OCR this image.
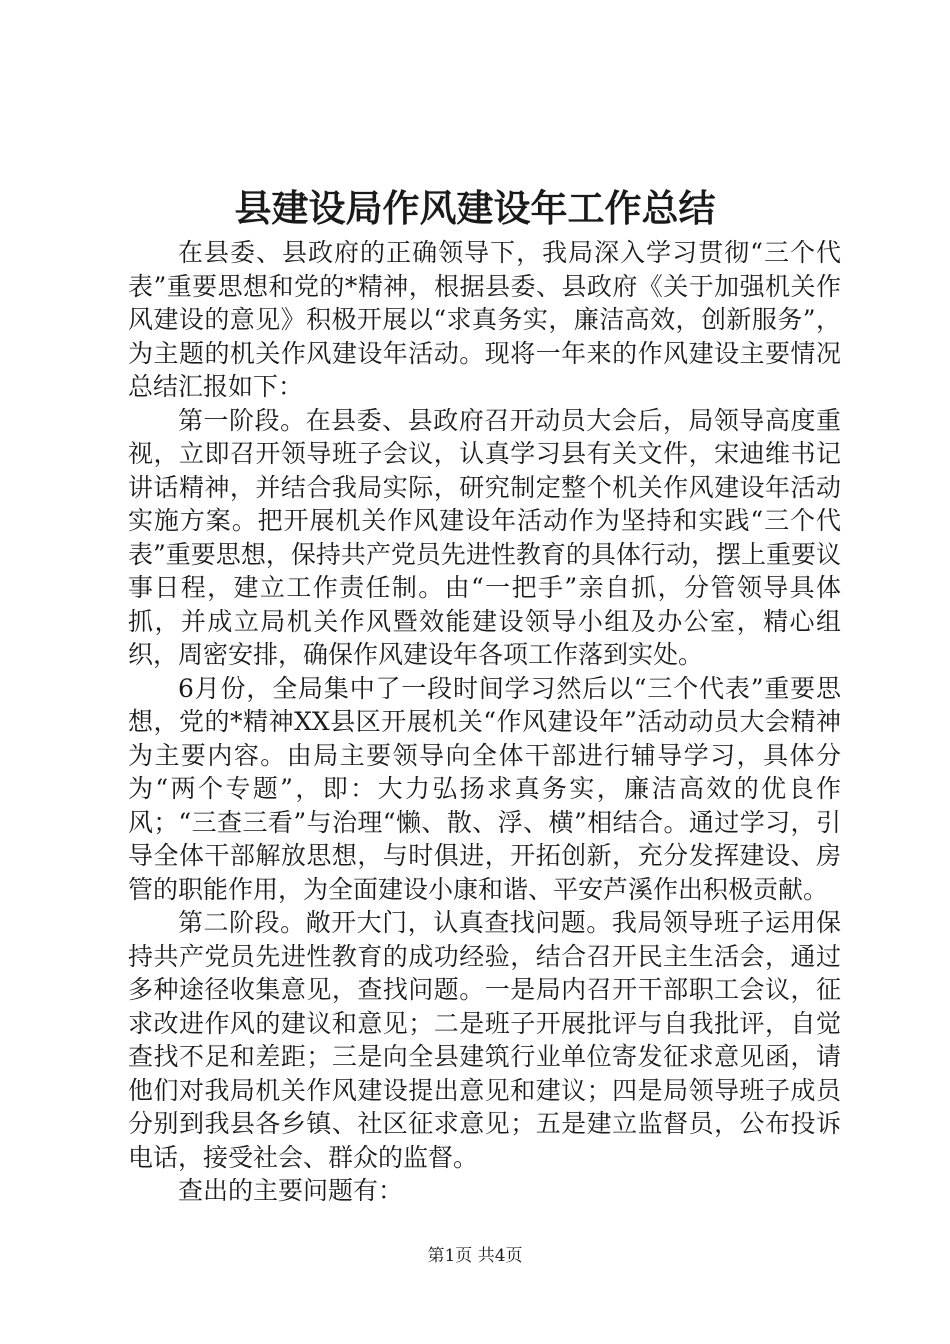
县建设局作风建设年工作总结

在县委、县政府的正确领导下，我局深入学习贯彻“三个代表”重要思想和党的*精神，根据县委、县政府《关于加强机关作风建设的意见》积极开展以“求真务实，廉洁高效，创新服务”，为主题的机关作风建设年活动。现将一年来的作风建设主要情况总结汇报如下：

第一阶段。在县委、县政府召开动员大会后，局领导高度重视，立即召开领导班子会议，认真学习县有关文件，宋迪维书记讲话精神，并结合我局实际，研究制定整个机关作风建设年活动实施方案。把开展机关作风建设年活动作为坚持和实践“三个代表”重要思想，保持共产党员先进性教育的具体行动，摆上重要议事日程，建立工作责任制。由“一把手”亲自抓，分管领导具体抓，并成立局机关作风暨效能建设领导小组及办公室，精心组织，周密安排，确保作风建设年各项工作落到实处。

6月份，全局集中了一段时间学习然后以“三个代表”重要思想，党的*精神XX县区开展机关“作风建设年”活动动员大会精神为主要内容。由局主要领导向全体干部进行辅导学习，具体分为“两个专题”，即：大力弘扬求真务实，廉洁高效的优良作风；“三查三看”与治理“懒、散、浮、横”相结合。通过学习，引导全体干部解放思想，与时俱进，开拓创新，充分发挥建设、房管的职能作用，为全面建设小康和谐、平安芦溪作出积极贡献。

第二阶段。敞开大门，认真查找问题。我局领导班子运用保持共产党员先进性教育的成功经验，结合召开民主生活会，通过多种途径收集意见，查找问题。一是局内召开干部职工会议，征求改进作风的建议和意见；二是班子开展批评与自我批评，自觉查找不足和差距；三是向全县建筑行业单位寄发征求意见函，请他们对我局机关作风建设提出意见和建议；四是局领导班子成员分别到我县各乡镇、社区征求意见；五是建立监督员，公布投诉电话，接受社会、群众的监督。

查出的主要问题有：

第1页 共4页
